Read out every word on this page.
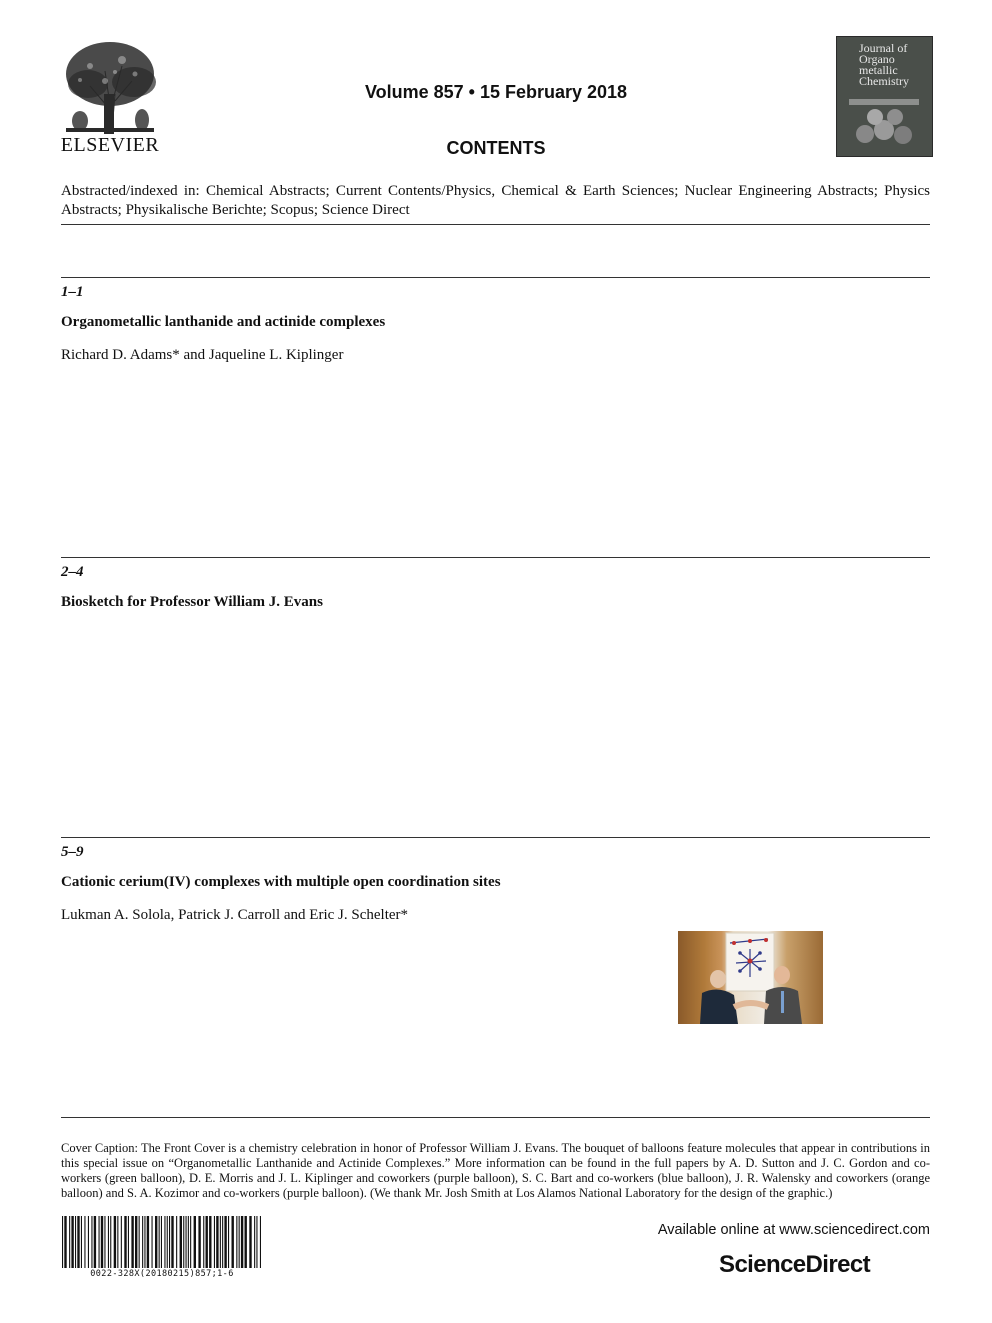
ELSEVIER
Volume 857 • 15 February 2018
CONTENTS
Journal of Organo metallic Chemistry
Abstracted/indexed in: Chemical Abstracts; Current Contents/Physics, Chemical & Earth Sciences; Nuclear Engineering Abstracts; Physics Abstracts; Physikalische Berichte; Scopus; Science Direct
1–1
Organometallic lanthanide and actinide complexes
Richard D. Adams* and Jaqueline L. Kiplinger
2–4
Biosketch for Professor William J. Evans
5–9
Cationic cerium(IV) complexes with multiple open coordination sites
Lukman A. Solola, Patrick J. Carroll and Eric J. Schelter*
Cover Caption: The Front Cover is a chemistry celebration in honor of Professor William J. Evans. The bouquet of balloons feature molecules that appear in contributions in this special issue on “Organometallic Lanthanide and Actinide Complexes.” More information can be found in the full papers by A. D. Sutton and J. C. Gordon and co-workers (green balloon), D. E. Morris and J. L. Kiplinger and coworkers (purple balloon), S. C. Bart and co-workers (blue balloon), J. R. Walensky and coworkers (orange balloon) and S. A. Kozimor and co-workers (purple balloon). (We thank Mr. Josh Smith at Los Alamos National Laboratory for the design of the graphic.)
0022-328X(20180215)857;1-6
Available online at www.sciencedirect.com
ScienceDirect
